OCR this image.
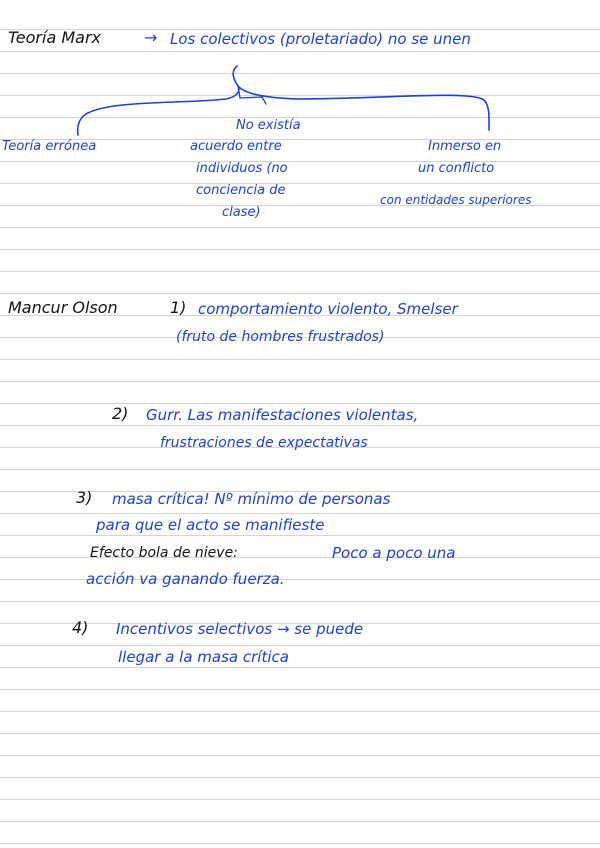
Teoría Marx	→ Los colectivos (proletariado) no se unen
Teoría errónea
No existía
acuerdo entre
individuos (no
conciencia de
clase)
Inmerso en
un conflicto
con entidades superiores
Mancur Olson	1) comportamiento violento, Smelser
(fruto de hombres frustrados)
2) Gurr. Las manifestaciones violentas,
frustraciones de expectativas
3) masa crítica! Nº mínimo de personas
para que el acto se manifieste
Efecto bola de nieve:	Poco a poco una
acción va ganando fuerza.
4) Incentivos selectivos → se puede
llegar a la masa crítica
